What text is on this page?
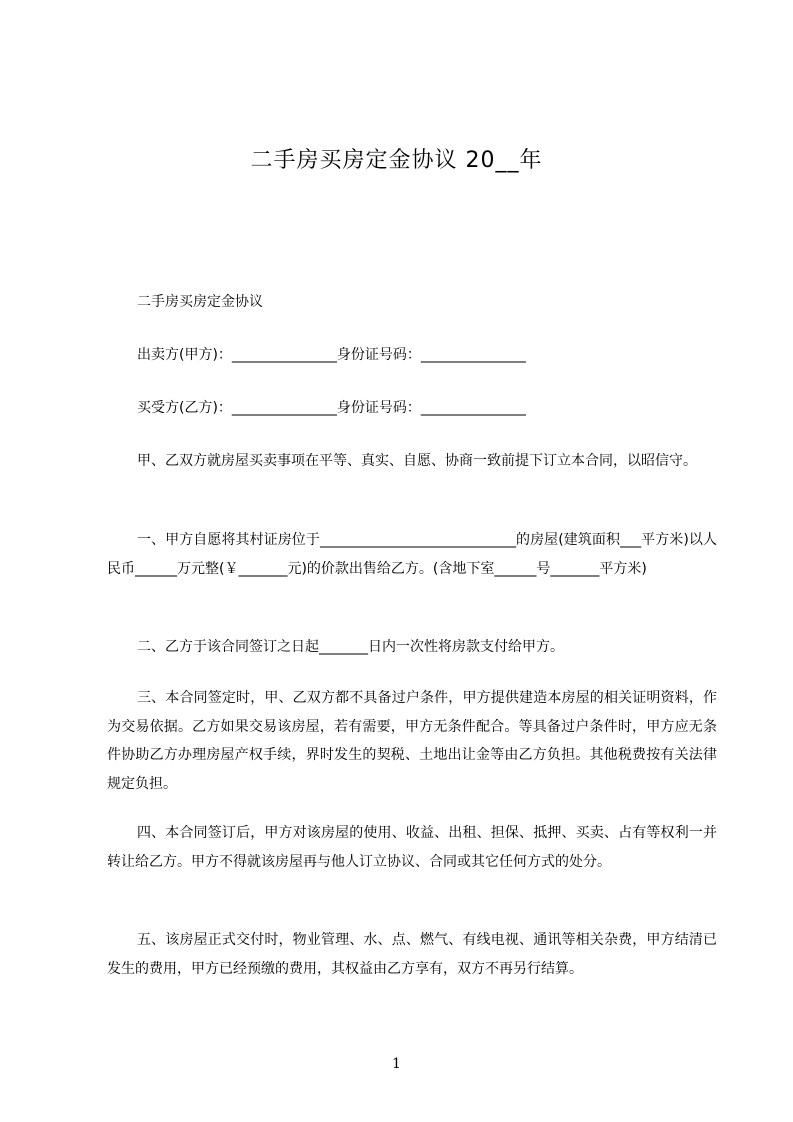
二手房买房定金协议 20__年
二手房买房定金协议
出卖方(甲方)：_______________身份证号码：_______________
买受方(乙方)：_______________身份证号码：_______________
甲、乙双方就房屋买卖事项在平等、真实、自愿、协商一致前提下订立本合同，以昭信守。
一、甲方自愿将其村证房位于____________________________的房屋(建筑面积___平方米)以人民币______万元整(￥_______元)的价款出售给乙方。(含地下室______号_______平方米)
二、乙方于该合同签订之日起_______日内一次性将房款支付给甲方。
三、本合同签定时，甲、乙双方都不具备过户条件，甲方提供建造本房屋的相关证明资料，作为交易依据。乙方如果交易该房屋，若有需要，甲方无条件配合。等具备过户条件时，甲方应无条件协助乙方办理房屋产权手续，界时发生的契税、土地出让金等由乙方负担。其他税费按有关法律规定负担。
四、本合同签订后，甲方对该房屋的使用、收益、出租、担保、抵押、买卖、占有等权利一并转让给乙方。甲方不得就该房屋再与他人订立协议、合同或其它任何方式的处分。
五、该房屋正式交付时，物业管理、水、点、燃气、有线电视、通讯等相关杂费，甲方结清已发生的费用，甲方已经预缴的费用，其权益由乙方享有，双方不再另行结算。
1
